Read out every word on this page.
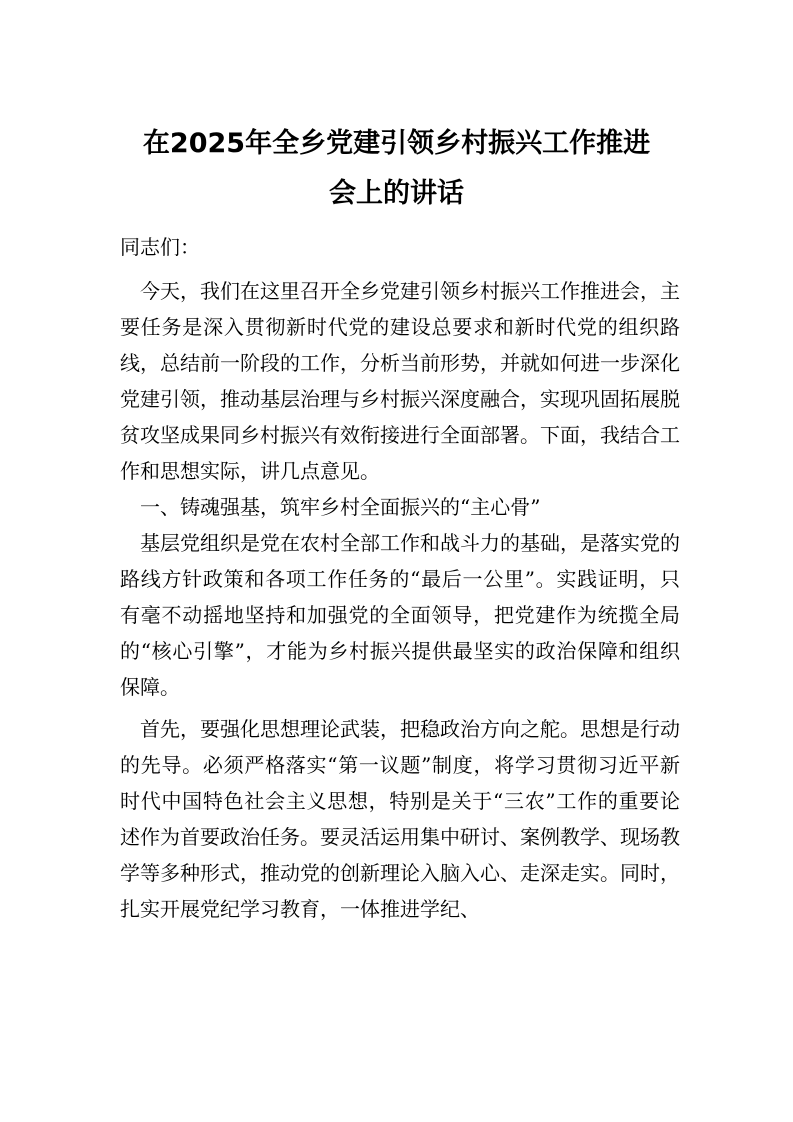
在2025年全乡党建引领乡村振兴工作推进
会上的讲话

同志们：

今天，我们在这里召开全乡党建引领乡村振兴工作推进会，主要任务是深入贯彻新时代党的建设总要求和新时代党的组织路线，总结前一阶段的工作，分析当前形势，并就如何进一步深化党建引领，推动基层治理与乡村振兴深度融合，实现巩固拓展脱贫攻坚成果同乡村振兴有效衔接进行全面部署。下面，我结合工作和思想实际，讲几点意见。

一、铸魂强基，筑牢乡村全面振兴的“主心骨”

基层党组织是党在农村全部工作和战斗力的基础，是落实党的路线方针政策和各项工作任务的“最后一公里”。实践证明，只有毫不动摇地坚持和加强党的全面领导，把党建作为统揽全局的“核心引擎”，才能为乡村振兴提供最坚实的政治保障和组织保障。

首先，要强化思想理论武装，把稳政治方向之舵。思想是行动的先导。必须严格落实“第一议题”制度，将学习贯彻习近平新时代中国特色社会主义思想，特别是关于“三农”工作的重要论述作为首要政治任务。要灵活运用集中研讨、案例教学、现场教学等多种形式，推动党的创新理论入脑入心、走深走实。同时，扎实开展党纪学习教育，一体推进学纪、
